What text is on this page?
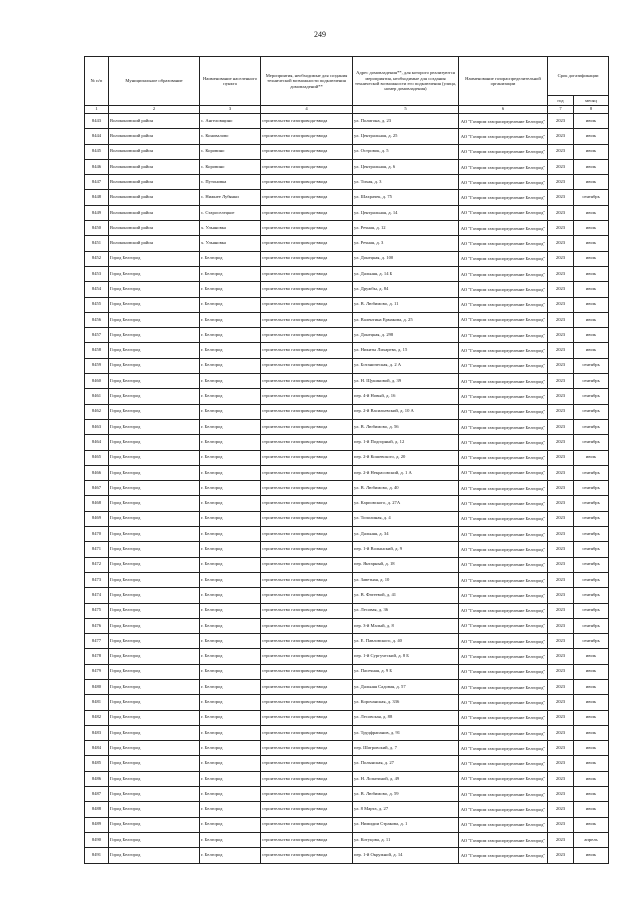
249
№ п/п	Муниципальное образование	Наименование населенного пункта	Мероприятия, необходимые для создания технической возможности подключения домовладений**	Адрес домовладения**, для которого реализуются мероприятия, необходимые для создания технической возможности его подключения (улица, номер домовладения)	Наименование газораспределительной организации	Срок догазификации	
						год	месяц
1	2	3	4	5	6	7	8
8443	Волоконовский район	с. Ангеловщино	строительство газопровода-ввода	ул. Полигона, д. 23	АО "Газпром газораспределение Белгород"	2023	июль
8444	Волоконовский район	с. Коновалово	строительство газопровода-ввода	ул. Центральная, д. 25	АО "Газпром газораспределение Белгород"	2023	июль
8445	Волоконовский район	с. Коровино	строительство газопровода-ввода	ул. Островок, д. 5	АО "Газпром газораспределение Белгород"	2023	июль
8446	Волоконовский район	с. Коровино	строительство газопровода-ввода	ул. Центральная, д. 6	АО "Газпром газораспределение Белгород"	2023	июль
8447	Волоконовский район	с. Путоновка	строительство газопровода-ввода	ул. Тихая, д. 3	АО "Газпром газораспределение Белгород"	2023	июль
8448	Волоконовский район	с. Нижнее Лубянки	строительство газопровода-ввода	ул. Шахрачек, д. 75	АО "Газпром газораспределение Белгород"	2023	сентябрь
8449	Волоконовский район	с. Староселецкое	строительство газопровода-ввода	ул. Центральная, д. 14	АО "Газпром газораспределение Белгород"	2023	июль
8450	Волоконовский район	х. Ульяновка	строительство газопровода-ввода	ул. Речная, д. 12	АО "Газпром газораспределение Белгород"	2023	июль
8451	Волоконовский район	х. Ульяновка	строительство газопровода-ввода	ул. Речная, д. 3	АО "Газпром газораспределение Белгород"	2023	июль
8452	Город Белгород	г. Белгород	строительство газопровода-ввода	ул. Донецкая, д. 100	АО "Газпром газораспределение Белгород"	2023	июль
8453	Город Белгород	г. Белгород	строительство газопровода-ввода	ул. Дальняя, д. 14 Б	АО "Газпром газораспределение Белгород"	2023	июль
8454	Город Белгород	г. Белгород	строительство газопровода-ввода	ул. Дружбы, д. 84	АО "Газпром газораспределение Белгород"	2023	июль
8455	Город Белгород	г. Белгород	строительство газопровода-ввода	ул. В. Любимово, д. 11	АО "Газпром газораспределение Белгород"	2023	июль
8456	Город Белгород	г. Белгород	строительство газопровода-ввода	ул. Валентина Ермакова, д. 25	АО "Газпром газораспределение Белгород"	2023	июль
8457	Город Белгород	г. Белгород	строительство газопровода-ввода	ул. Донецкая, д. 298	АО "Газпром газораспределение Белгород"	2023	июль
8458	Город Белгород	г. Белгород	строительство газопровода-ввода	ул. Никиты Лихарева, д. 15	АО "Газпром газораспределение Белгород"	2023	июль
8459	Город Белгород	г. Белгород	строительство газопровода-ввода	ул. Ботаническая, д. 2 А	АО "Газпром газораспределение Белгород"	2023	сентябрь
8460	Город Белгород	г. Белгород	строительство газопровода-ввода	ул. Н. Щукиновой, д. 39	АО "Газпром газораспределение Белгород"	2023	сентябрь
8461	Город Белгород	г. Белгород	строительство газопровода-ввода	пер. 4-й Новый, д. 16	АО "Газпром газораспределение Белгород"	2023	сентябрь
8462	Город Белгород	г. Белгород	строительство газопровода-ввода	пер. 2-й Васильевский, д. 10 А	АО "Газпром газораспределение Белгород"	2023	сентябрь
8463	Город Белгород	г. Белгород	строительство газопровода-ввода	ул. В. Любимово, д. 56	АО "Газпром газораспределение Белгород"	2023	сентябрь
8464	Город Белгород	г. Белгород	строительство газопровода-ввода	пер. 1-й Подгорный, д. 12	АО "Газпром газораспределение Белгород"	2023	сентябрь
8465	Город Белгород	г. Белгород	строительство газопровода-ввода	пер. 2-й Кошевского, д. 20	АО "Газпром газораспределение Белгород"	2023	июль
8466	Город Белгород	г. Белгород	строительство газопровода-ввода	пер. 2-й Некрасовский, д. 1 А	АО "Газпром газораспределение Белгород"	2023	сентябрь
8467	Город Белгород	г. Белгород	строительство газопровода-ввода	ул. В. Любимово, д. 40	АО "Газпром газораспределение Белгород"	2023	сентябрь
8468	Город Белгород	г. Белгород	строительство газопровода-ввода	ул. Карповского, д. 27А	АО "Газпром газораспределение Белгород"	2023	сентябрь
8469	Город Белгород	г. Белгород	строительство газопровода-ввода	ул. Тополиная, д. 4	АО "Газпром газораспределение Белгород"	2023	сентябрь
8470	Город Белгород	г. Белгород	строительство газопровода-ввода	ул. Дальняя, д. 34	АО "Газпром газораспределение Белгород"	2023	сентябрь
8471	Город Белгород	г. Белгород	строительство газопровода-ввода	пер. 1-й Волынский, д. 9	АО "Газпром газораспределение Белгород"	2023	сентябрь
8472	Город Белгород	г. Белгород	строительство газопровода-ввода	пер. Янтарный, д. 18	АО "Газпром газораспределение Белгород"	2023	сентябрь
8473	Город Белгород	г. Белгород	строительство газопровода-ввода	ул. Заветная, д. 10	АО "Газпром газораспределение Белгород"	2023	сентябрь
8474	Город Белгород	г. Белгород	строительство газопровода-ввода	ул. В. Фатеевой, д. 41	АО "Газпром газораспределение Белгород"	2023	сентябрь
8475	Город Белгород	г. Белгород	строительство газопровода-ввода	ул. Лесовая, д. 36	АО "Газпром газораспределение Белгород"	2023	сентябрь
8476	Город Белгород	г. Белгород	строительство газопровода-ввода	пер. 3-й Малый, д. 8	АО "Газпром газораспределение Белгород"	2023	сентябрь
8477	Город Белгород	г. Белгород	строительство газопровода-ввода	ул. Е. Павловского, д. 40	АО "Газпром газораспределение Белгород"	2023	сентябрь
8478	Город Белгород	г. Белгород	строительство газопровода-ввода	пер. 1-й Сургуческий, д. 8 Б	АО "Газпром газораспределение Белгород"	2023	июль
8479	Город Белгород	г. Белгород	строительство газопровода-ввода	ул. Пасечная, д. 9 Б	АО "Газпром газораспределение Белгород"	2023	июль
8480	Город Белгород	г. Белгород	строительство газопровода-ввода	ул. Дальняя Садовая, д. 57	АО "Газпром газораспределение Белгород"	2023	июль
8481	Город Белгород	г. Белгород	строительство газопровода-ввода	ул. Корочанская, д. 336	АО "Газпром газораспределение Белгород"	2023	июль
8482	Город Белгород	г. Белгород	строительство газопровода-ввода	ул. Лесовская, д. 88	АО "Газпром газораспределение Белгород"	2023	июль
8483	Город Белгород	г. Белгород	строительство газопровода-ввода	ул. Трудфрапанов, д. 91	АО "Газпром газораспределение Белгород"	2023	июль
8484	Город Белгород	г. Белгород	строительство газопровода-ввода	пер. Шатровский, д. 7	АО "Газпром газораспределение Белгород"	2023	июль
8485	Город Белгород	г. Белгород	строительство газопровода-ввода	ул. Полынская, д. 27	АО "Газпром газораспределение Белгород"	2023	июль
8486	Город Белгород	г. Белгород	строительство газопровода-ввода	ул. Н. Лопатиной, д. 49	АО "Газпром газораспределение Белгород"	2023	июль
8487	Город Белгород	г. Белгород	строительство газопровода-ввода	ул. В. Любимово, д. 59	АО "Газпром газораспределение Белгород"	2023	июль
8488	Город Белгород	г. Белгород	строительство газопровода-ввода	ул. 8 Марта, д. 27	АО "Газпром газораспределение Белгород"	2023	июль
8489	Город Белгород	г. Белгород	строительство газопровода-ввода	ул. Нимидии Стракова, д. 1	АО "Газпром газораспределение Белгород"	2023	июль
8490	Город Белгород	г. Белгород	строительство газопровода-ввода	ул. Котуцова, д. 11	АО "Газпром газораспределение Белгород"	2023	апрель
8491	Город Белгород	г. Белгород	строительство газопровода-ввода	пер. 1-й Окружной, д. 14	АО "Газпром газораспределение Белгород"	2023	июль
